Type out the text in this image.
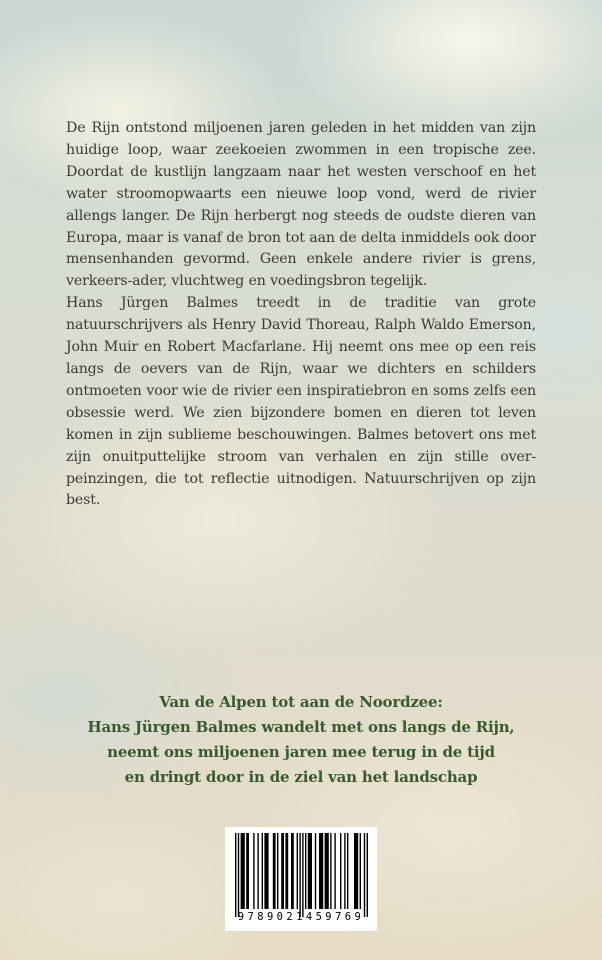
De Rijn ontstond miljoenen jaren geleden in het midden van zijn huidige loop, waar zeekoeien zwommen in een tropische zee. Doordat de kustlijn langzaam naar het westen verschoof en het water stroomopwaarts een nieuwe loop vond, werd de rivier allengs langer. De Rijn herbergt nog steeds de oudste dieren van Europa, maar is vanaf de bron tot aan de delta inmiddels ook door mensenhanden gevormd. Geen enkele andere rivier is grens, verkeers-ader, vluchtweg en voedingsbron tegelijk.

Hans Jürgen Balmes treedt in de traditie van grote natuurschrijvers als Henry David Thoreau, Ralph Waldo Emerson, John Muir en Robert Macfarlane. Hij neemt ons mee op een reis langs de oevers van de Rijn, waar we dichters en schilders ontmoeten voor wie de rivier een inspiratiebron en soms zelfs een obsessie werd. We zien bijzondere bomen en dieren tot leven komen in zijn sublieme beschouwingen. Balmes betovert ons met zijn onuitputtelijke stroom van verhalen en zijn stille over-peinzingen, die tot reflectie uitnodigen. Natuurschrijven op zijn best.

Van de Alpen tot aan de Noordzee:
Hans Jürgen Balmes wandelt met ons langs de Rijn,
neemt ons miljoenen jaren mee terug in de tijd
en dringt door in de ziel van het landschap
9789021459769
